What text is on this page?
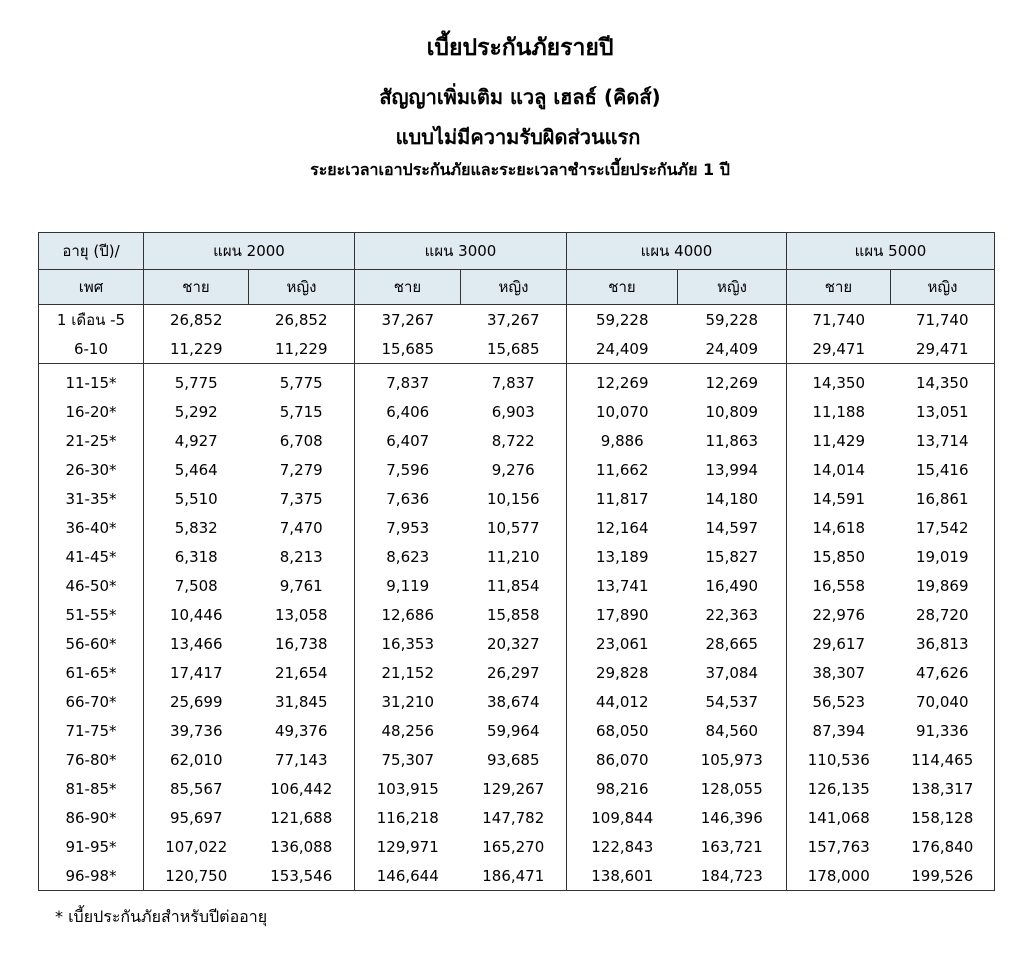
เบี้ยประกันภัยรายปี
สัญญาเพิ่มเติม แวลู เฮลธ์ (คิดส์)
แบบไม่มีความรับผิดส่วนแรก
ระยะเวลาเอาประกันภัยและระยะเวลาชำระเบี้ยประกันภัย 1 ปี
อายุ (ปี)/	แผน 2000		แผน 3000		แผน 4000		แผน 5000	
เพศ	ชาย	หญิง	ชาย	หญิง	ชาย	หญิง	ชาย	หญิง
1 เดือน -5	26,852	26,852	37,267	37,267	59,228	59,228	71,740	71,740
6-10	11,229	11,229	15,685	15,685	24,409	24,409	29,471	29,471
11-15*	5,775	5,775	7,837	7,837	12,269	12,269	14,350	14,350
16-20*	5,292	5,715	6,406	6,903	10,070	10,809	11,188	13,051
21-25*	4,927	6,708	6,407	8,722	9,886	11,863	11,429	13,714
26-30*	5,464	7,279	7,596	9,276	11,662	13,994	14,014	15,416
31-35*	5,510	7,375	7,636	10,156	11,817	14,180	14,591	16,861
36-40*	5,832	7,470	7,953	10,577	12,164	14,597	14,618	17,542
41-45*	6,318	8,213	8,623	11,210	13,189	15,827	15,850	19,019
46-50*	7,508	9,761	9,119	11,854	13,741	16,490	16,558	19,869
51-55*	10,446	13,058	12,686	15,858	17,890	22,363	22,976	28,720
56-60*	13,466	16,738	16,353	20,327	23,061	28,665	29,617	36,813
61-65*	17,417	21,654	21,152	26,297	29,828	37,084	38,307	47,626
66-70*	25,699	31,845	31,210	38,674	44,012	54,537	56,523	70,040
71-75*	39,736	49,376	48,256	59,964	68,050	84,560	87,394	91,336
76-80*	62,010	77,143	75,307	93,685	86,070	105,973	110,536	114,465
81-85*	85,567	106,442	103,915	129,267	98,216	128,055	126,135	138,317
86-90*	95,697	121,688	116,218	147,782	109,844	146,396	141,068	158,128
91-95*	107,022	136,088	129,971	165,270	122,843	163,721	157,763	176,840
96-98*	120,750	153,546	146,644	186,471	138,601	184,723	178,000	199,526
* เบี้ยประกันภัยสำหรับปีต่ออายุ
